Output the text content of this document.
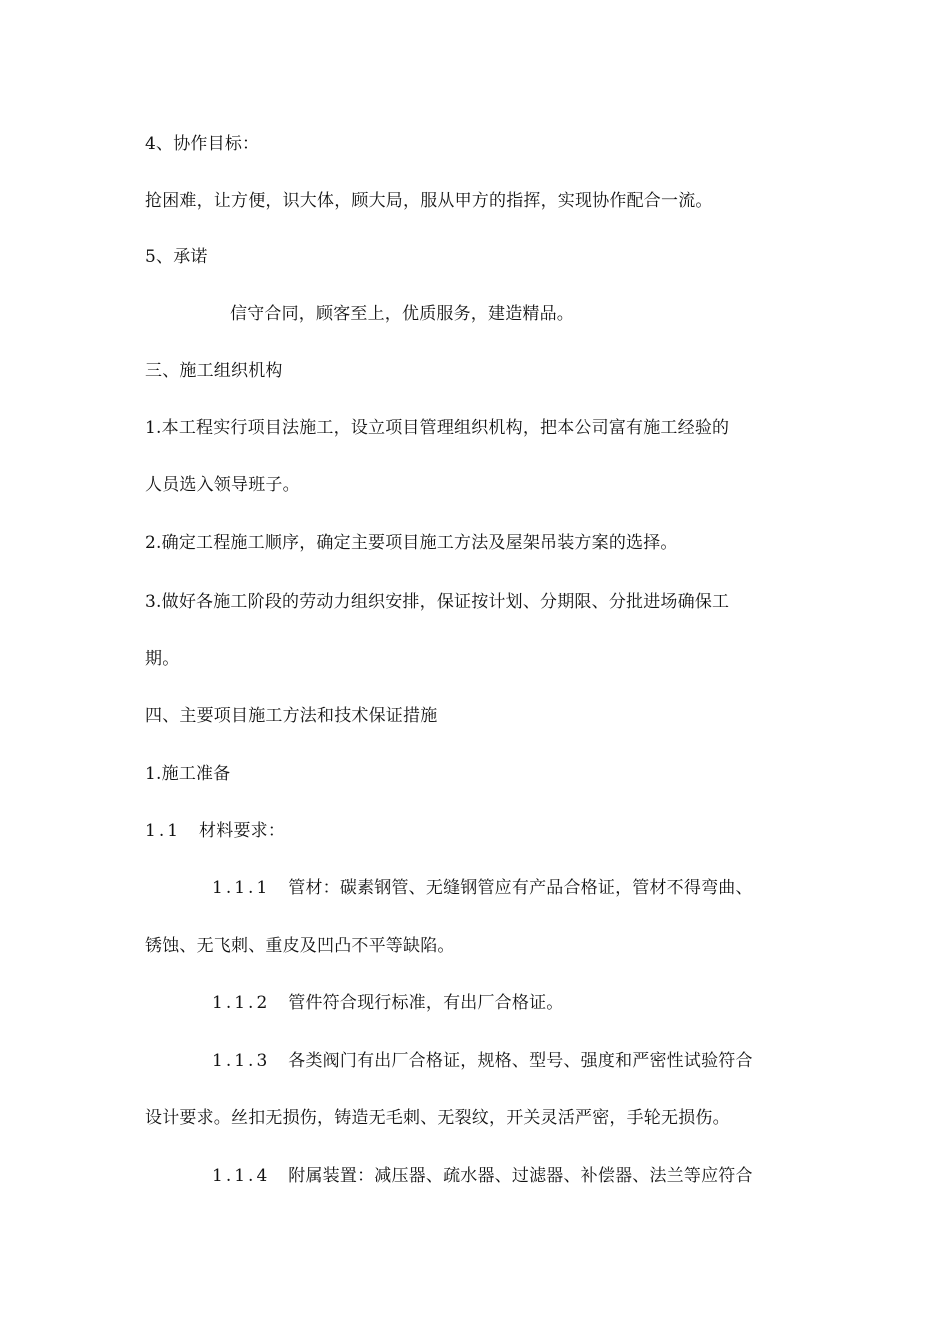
4、协作目标：
抢困难，让方便，识大体，顾大局，服从甲方的指挥，实现协作配合一流。
5、承诺
信守合同，顾客至上，优质服务，建造精品。
三、施工组织机构
1.本工程实行项目法施工，设立项目管理组织机构，把本公司富有施工经验的
人员选入领导班子。
2.确定工程施工顺序，确定主要项目施工方法及屋架吊装方案的选择。
3.做好各施工阶段的劳动力组织安排，保证按计划、分期限、分批进场确保工
期。
四、主要项目施工方法和技术保证措施
1.施工准备
1.1 材料要求：
1.1.1 管材：碳素钢管、无缝钢管应有产品合格证，管材不得弯曲、
锈蚀、无飞刺、重皮及凹凸不平等缺陷。
1.1.2 管件符合现行标准，有出厂合格证。
1.1.3 各类阀门有出厂合格证，规格、型号、强度和严密性试验符合
设计要求。丝扣无损伤，铸造无毛刺、无裂纹，开关灵活严密，手轮无损伤。
1.1.4 附属装置：减压器、疏水器、过滤器、补偿器、法兰等应符合
